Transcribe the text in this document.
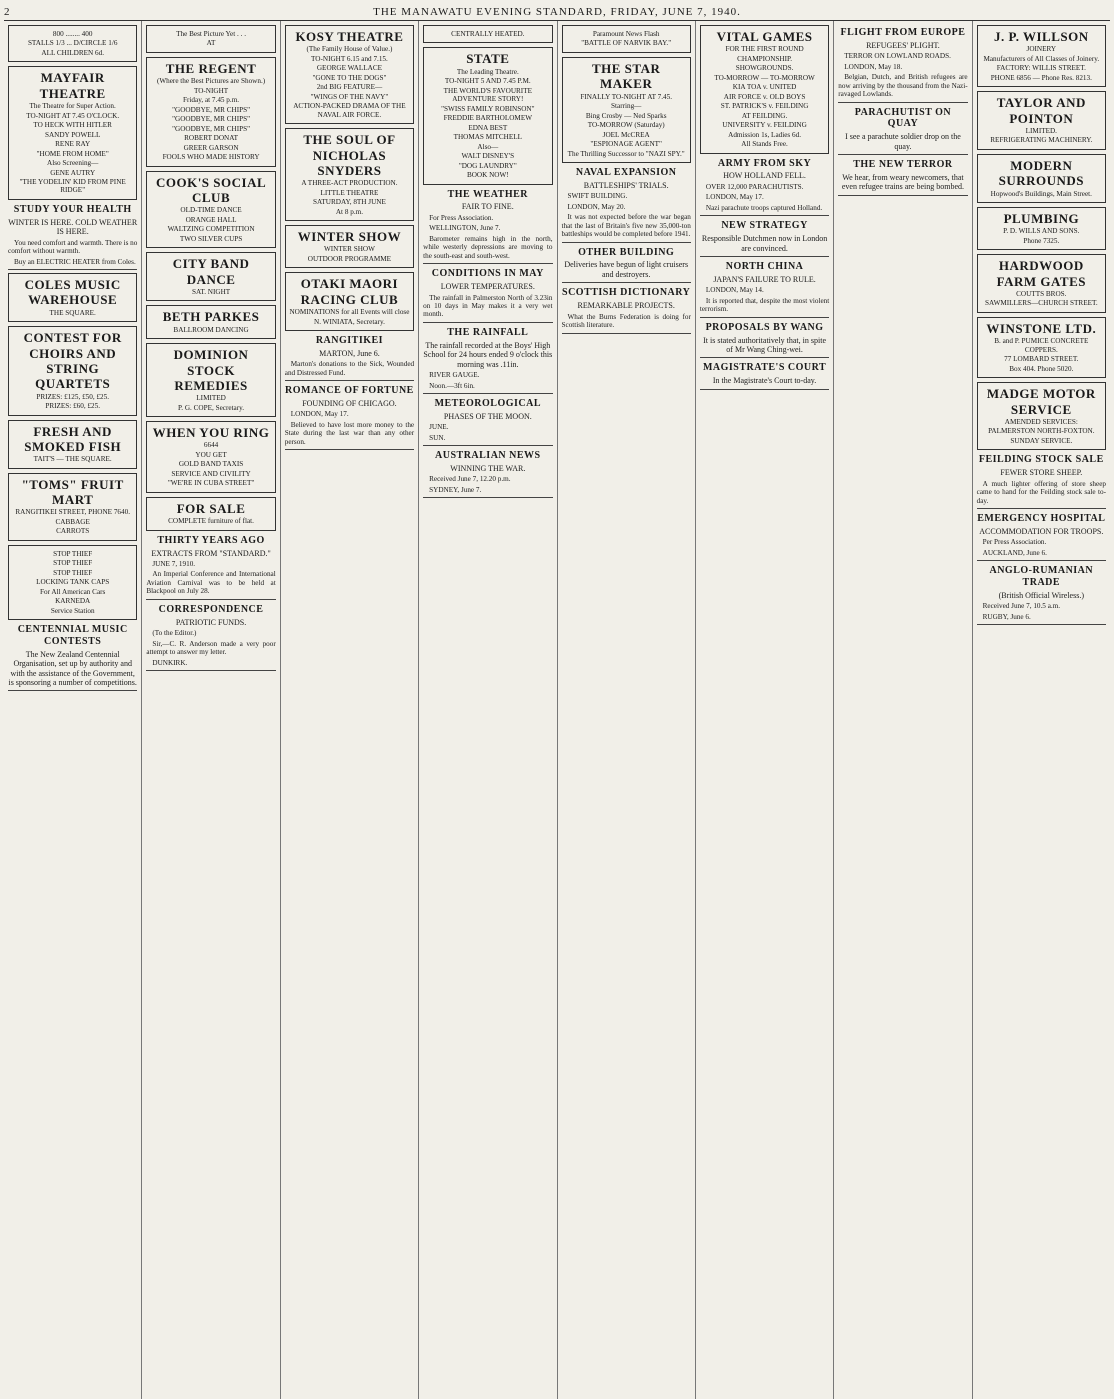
2	THE MANAWATU EVENING STANDARD, FRIDAY, JUNE 7, 1940.
800 ........ 400
STALLS 1/3 ... D/CIRCLE 1/6
ALL CHILDREN 6d.
MAYFAIR THEATRE
The Theatre for Super Action.
TO-NIGHT AT 7.45 O'CLOCK.
TO HECK WITH HITLER
SANDY POWELL
RENE RAY
"HOME FROM HOME"
Also Screening—
GENE AUTRY
"THE YODELIN' KID FROM PINE RIDGE"
STUDY YOUR HEALTH
WINTER IS HERE. COLD WEATHER IS HERE.

You need comfort and warmth. There is no comfort without warmth.

Buy an ELECTRIC HEATER from Coles.

COLES MUSIC WAREHOUSE
THE SQUARE.
CONTEST FOR CHOIRS AND STRING QUARTETS
PRIZES: £125, £50, £25.
PRIZES: £60, £25.
FRESH AND SMOKED FISH
TAIT'S — THE SQUARE.
"TOMS" FRUIT MART
RANGITIKEI STREET, PHONE 7640.
CABBAGE
CARROTS
STOP THIEF
STOP THIEF
STOP THIEF
LOCKING TANK CAPS
For All American Cars
KARNEDA
Service Station
CENTENNIAL MUSIC CONTESTS
The New Zealand Centennial Organisation, set up by authority and with the assistance of the Government, is sponsoring a number of competitions.
The Best Picture Yet . . .
AT
THE REGENT
(Where the Best Pictures are Shown.)
TO-NIGHT
Friday, at 7.45 p.m.
"GOODBYE, MR CHIPS"
"GOODBYE, MR CHIPS"
"GOODBYE, MR CHIPS"
ROBERT DONAT
GREER GARSON
FOOLS WHO MADE HISTORY
COOK'S SOCIAL CLUB
OLD-TIME DANCE
ORANGE HALL
WALTZING COMPETITION
TWO SILVER CUPS
CITY BAND DANCE
SAT. NIGHT
BETH PARKES
BALLROOM DANCING
DOMINION STOCK REMEDIES
LIMITED
P. G. COPE, Secretary.
WHEN YOU RING
6644
YOU GET
GOLD BAND TAXIS
SERVICE AND CIVILITY
"WE'RE IN CUBA STREET"
FOR SALE
COMPLETE furniture of flat.
THIRTY YEARS AGO
EXTRACTS FROM "STANDARD."

JUNE 7, 1910.

An Imperial Conference and International Aviation Carnival was to be held at Blackpool on July 28.

CORRESPONDENCE
PATRIOTIC FUNDS.

(To the Editor.)

Sir,—C. R. Anderson made a very poor attempt to answer my letter.

DUNKIRK.

KOSY THEATRE
(The Family House of Value.)
TO-NIGHT 6.15 and 7.15.
GEORGE WALLACE
"GONE TO THE DOGS"
2nd BIG FEATURE—
"WINGS OF THE NAVY"
ACTION-PACKED DRAMA OF THE NAVAL AIR FORCE.
THE SOUL OF NICHOLAS SNYDERS
A THREE-ACT PRODUCTION.
LITTLE THEATRE
SATURDAY, 8TH JUNE
At 8 p.m.
WINTER SHOW
WINTER SHOW
OUTDOOR PROGRAMME
OTAKI MAORI RACING CLUB
NOMINATIONS for all Events will close
N. WINIATA, Secretary.
RANGITIKEI
MARTON, June 6.

Marton's donations to the Sick, Wounded and Distressed Fund.

ROMANCE OF FORTUNE
FOUNDING OF CHICAGO.

LONDON, May 17.

Believed to have lost more money to the State during the last war than any other person.

CENTRALLY HEATED.
STATE
The Leading Theatre.
TO-NIGHT 5 AND 7.45 P.M.
THE WORLD'S FAVOURITE ADVENTURE STORY!
"SWISS FAMILY ROBINSON"
FREDDIE BARTHOLOMEW
EDNA BEST
THOMAS MITCHELL
Also—
WALT DISNEY'S
"DOG LAUNDRY"
BOOK NOW!
THE WEATHER
FAIR TO FINE.

For Press Association.

WELLINGTON, June 7.

Barometer remains high in the north, while westerly depressions are moving to the south-east and south-west.

CONDITIONS IN MAY
LOWER TEMPERATURES.

The rainfall in Palmerston North of 3.23in on 10 days in May makes it a very wet month.

THE RAINFALL
The rainfall recorded at the Boys' High School for 24 hours ended 9 o'clock this morning was .11in.

RIVER GAUGE.

Noon.—3ft 6in.

METEOROLOGICAL
PHASES OF THE MOON.

JUNE.

SUN.

AUSTRALIAN NEWS
WINNING THE WAR.

Received June 7, 12.20 p.m.

SYDNEY, June 7.

Paramount News Flash
"BATTLE OF NARVIK BAY."
THE STAR MAKER
FINALLY TO-NIGHT AT 7.45.
Starring—
Bing Crosby — Ned Sparks
TO-MORROW (Saturday)
JOEL McCREA
"ESPIONAGE AGENT"
The Thrilling Successor to "NAZI SPY."
NAVAL EXPANSION
BATTLESHIPS' TRIALS.

SWIFT BUILDING.

LONDON, May 20.

It was not expected before the war began that the last of Britain's five new 35,000-ton battleships would be completed before 1941.

OTHER BUILDING
Deliveries have begun of light cruisers and destroyers.
SCOTTISH DICTIONARY
REMARKABLE PROJECTS.

What the Burns Federation is doing for Scottish literature.

VITAL GAMES
FOR THE FIRST ROUND
CHAMPIONSHIP.
SHOWGROUNDS.
TO-MORROW — TO-MORROW
KIA TOA v. UNITED
AIR FORCE v. OLD BOYS
ST. PATRICK'S v. FEILDING
AT FEILDING.
UNIVERSITY v. FEILDING
Admission 1s, Ladies 6d.
All Stands Free.
ARMY FROM SKY
HOW HOLLAND FELL.

OVER 12,000 PARACHUTISTS.

LONDON, May 17.

Nazi parachute troops captured Holland.

NEW STRATEGY
Responsible Dutchmen now in London are convinced.
NORTH CHINA
JAPAN'S FAILURE TO RULE.

LONDON, May 14.

It is reported that, despite the most violent terrorism.

PROPOSALS BY WANG
It is stated authoritatively that, in spite of Mr Wang Ching-wei.
MAGISTRATE'S COURT
In the Magistrate's Court to-day.
FLIGHT FROM EUROPE
REFUGEES' PLIGHT.

TERROR ON LOWLAND ROADS.

LONDON, May 18.

Belgian, Dutch, and British refugees are now arriving by the thousand from the Nazi-ravaged Lowlands.

PARACHUTIST ON QUAY
I see a parachute soldier drop on the quay.
THE NEW TERROR
We hear, from weary newcomers, that even refugee trains are being bombed.
J. P. WILLSON
JOINERY
Manufacturers of All Classes of Joinery.
FACTORY: WILLIS STREET.
PHONE 6856 — Phone Res. 8213.
TAYLOR AND POINTON
LIMITED.
REFRIGERATING MACHINERY.
MODERN SURROUNDS
Hopwood's Buildings, Main Street.
PLUMBING
P. D. WILLS AND SONS.
Phone 7325.
HARDWOOD FARM GATES
COUTTS BROS.
SAWMILLERS—CHURCH STREET.
WINSTONE LTD.
B. and P. PUMICE CONCRETE COPPERS.
77 LOMBARD STREET.
Box 404. Phone 5020.
MADGE MOTOR SERVICE
AMENDED SERVICES:
PALMERSTON NORTH-FOXTON.
SUNDAY SERVICE.
FEILDING STOCK SALE
FEWER STORE SHEEP.

A much lighter offering of store sheep came to hand for the Feilding stock sale to-day.

EMERGENCY HOSPITAL
ACCOMMODATION FOR TROOPS.

Per Press Association.

AUCKLAND, June 6.

ANGLO-RUMANIAN TRADE
(British Official Wireless.)

Received June 7, 10.5 a.m.

RUGBY, June 6.
